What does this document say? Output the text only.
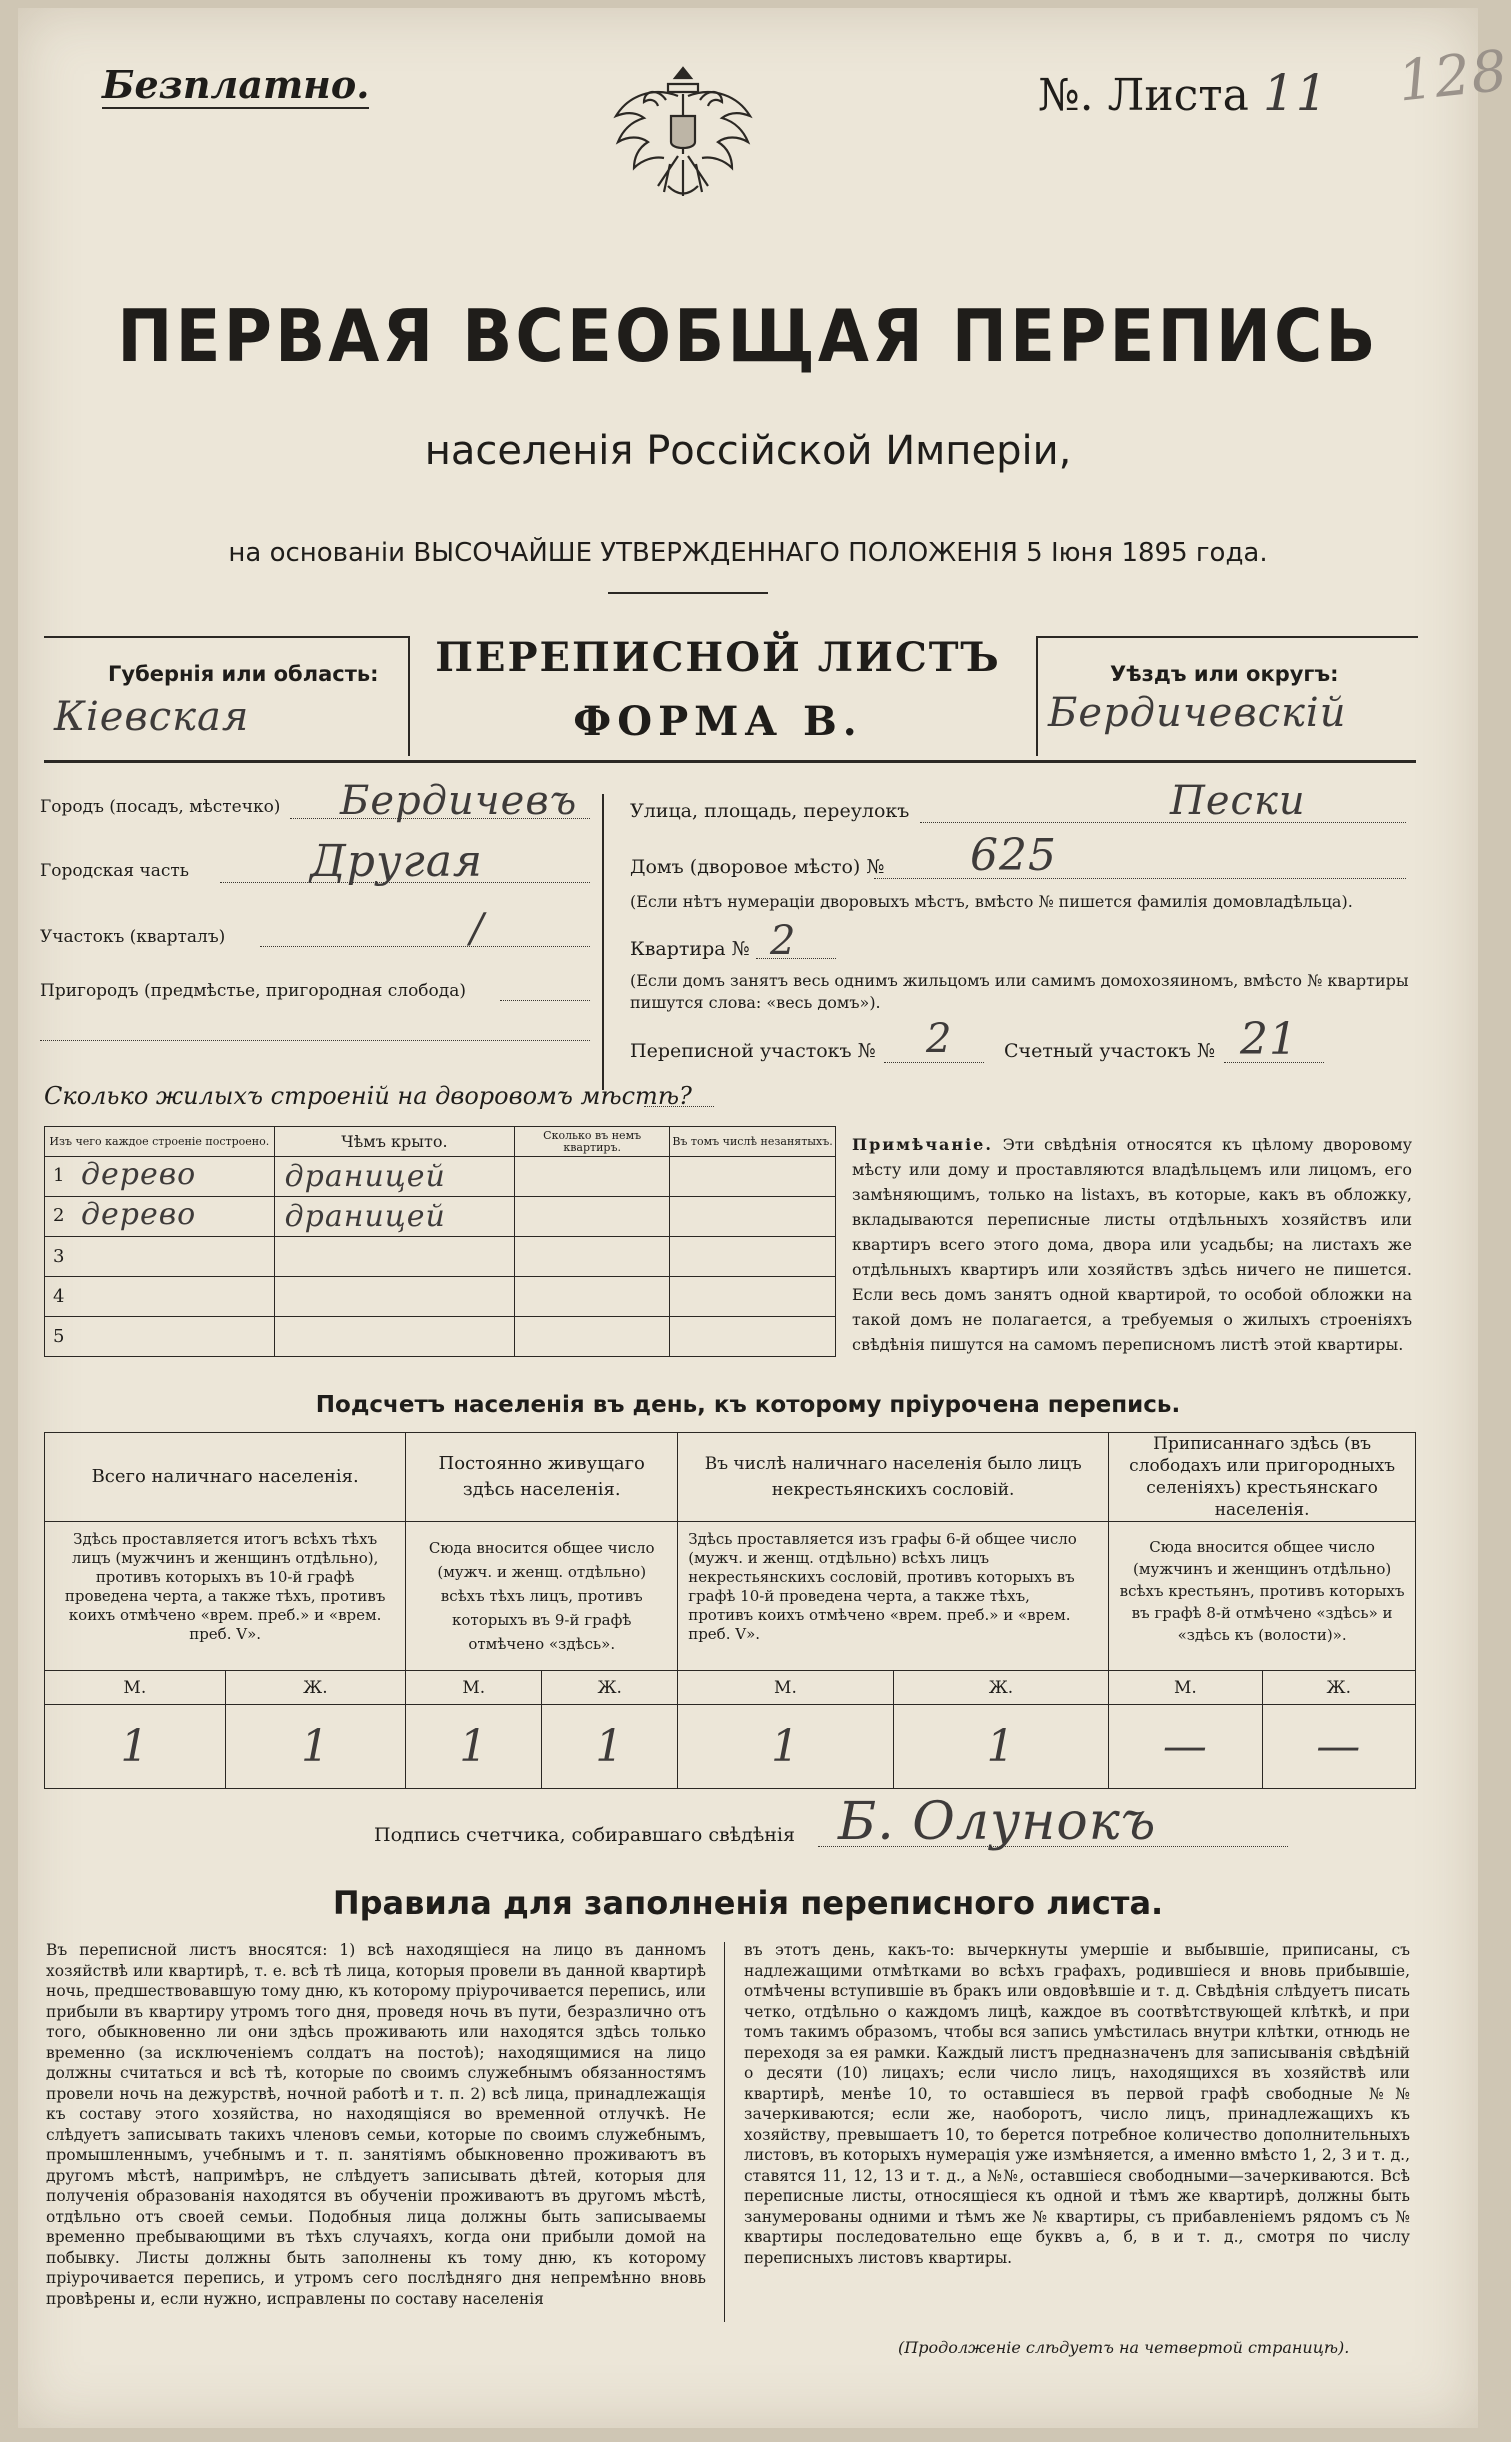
Безплатно.	№. Листа 11 128
ПЕРВАЯ ВСЕОБЩАЯ ПЕРЕПИСЬ
населенія Россійской Имперіи,
на основаніи ВЫСОЧАЙШЕ УТВЕРЖДЕННАГО ПОЛОЖЕНІЯ 5 Іюня 1895 года.
Губернія или область:
Кіевская
ПЕРЕПИСНОЙ ЛИСТЪ
ФОРМА В.
Уѣздъ или округъ:
Бердичевскій
Городъ (посадъ, мѣстечко) Бердичевъ
Городская часть	Другая
Участокъ (кварталъ)	/
Пригородъ (предмѣстье, пригородная слобода)
Улица, площадь, переулокъ	Пески
Домъ (дворовое мѣсто) № 625
(Если нѣтъ нумераціи дворовыхъ мѣстъ, вмѣсто № пишется фамилія домовладѣльца).
Квартира № 2
(Если домъ занятъ весь однимъ жильцомъ или самимъ домохозяиномъ, вмѣсто № квартиры пишутся слова: «весь домъ»).
Переписной участокъ № 2	Счетный участокъ № 21
Сколько жилыхъ строеній на дворовомъ мѣстѣ?
Изъ чего каждое строеніе построено.	Чѣмъ крыто.	Сколько въ немъ квартиръ.	Въ томъ числѣ незанятыхъ.

1 дерево	драницей		

2 дерево	драницей		
3			
4			
5			
Примѣчаніе. Эти свѣдѣнія относятся къ цѣлому дворовому мѣсту или дому и проставляются владѣльцемъ или лицомъ, его замѣняющимъ, только на listахъ, въ которые, какъ въ обложку, вкладываются переписные листы отдѣльныхъ хозяйствъ или квартиръ всего этого дома, двора или усадьбы; на листахъ же отдѣльныхъ квартиръ или хозяйствъ здѣсь ничего не пишется. Если весь домъ занятъ одной квартирой, то особой обложки на такой домъ не полагается, а требуемыя о жилыхъ строеніяхъ свѣдѣнія пишутся на самомъ переписномъ листѣ этой квартиры.
Подсчетъ населенія въ день, къ которому пріурочена перепись.
Всего наличнаго населенія.		Постоянно живущаго здѣсь населенія.		Въ числѣ наличнаго населенія было лицъ некрестьянскихъ сословій.		Приписаннаго здѣсь (въ слободахъ или пригородныхъ селеніяхъ) крестьянскаго населенія.	

Здѣсь проставляется итогъ всѣхъ тѣхъ лицъ (мужчинъ и женщинъ отдѣльно), противъ которыхъ въ 10-й графѣ проведена черта, а также тѣхъ, противъ коихъ отмѣчено «врем. преб.» и «врем. преб. V».		Сюда вносится общее число (мужч. и женщ. отдѣльно) всѣхъ тѣхъ лицъ, противъ которыхъ въ 9-й графѣ отмѣчено «здѣсь».		Здѣсь проставляется изъ графы 6-й общее число (мужч. и женщ. отдѣльно) всѣхъ лицъ некрестьянскихъ сословій, противъ которыхъ въ графѣ 10-й проведена черта, а также тѣхъ, противъ коихъ отмѣчено «врем. преб.» и «врем. преб. V».		Сюда вносится общее число (мужчинъ и женщинъ отдѣльно) всѣхъ крестьянъ, противъ которыхъ въ графѣ 8-й отмѣчено «здѣсь» и «здѣсь къ (волости)».	

М.	Ж.	М.	Ж.	М.	Ж.	М.	Ж.
1	1	1	1	1	1	—	—
Подпись счетчика, собиравшаго свѣдѣнія Б. Олунокъ
Правила для заполненія переписного листа.
Въ переписной листъ вносятся: 1) всѣ находящіеся на лицо въ данномъ хозяйствѣ или квартирѣ, т. е. всѣ тѣ лица, которыя провели въ данной квартирѣ ночь, предшествовавшую тому дню, къ которому пріурочивается перепись, или прибыли въ квартиру утромъ того дня, проведя ночь въ пути, безразлично отъ того, обыкновенно ли они здѣсь проживають или находятся здѣсь только временно (за исключеніемъ солдатъ на постоѣ); находящимися на лицо должны считаться и всѣ тѣ, которые по своимъ служебнымъ обязанностямъ провели ночь на дежурствѣ, ночной работѣ и т. п. 2) всѣ лица, принадлежащія къ составу этого хозяйства, но находящіяся во временной отлучкѣ. Не слѣдуетъ записывать такихъ членовъ семьи, которые по своимъ служебнымъ, промышленнымъ, учебнымъ и т. п. занятіямъ обыкновенно проживаютъ въ другомъ мѣстѣ, напримѣръ, не слѣдуетъ записывать дѣтей, которыя для полученія образованія находятся въ обученіи проживаютъ въ другомъ мѣстѣ, отдѣльно отъ своей семьи. Подобныя лица должны быть записываемы временно пребывающими въ тѣхъ случаяхъ, когда они прибыли домой на побывку. Листы должны быть заполнены къ тому дню, къ которому пріурочивается перепись, и утромъ сего послѣдняго дня непремѣнно вновь провѣрены и, если нужно, исправлены по составу населенія
въ этотъ день, какъ-то: вычеркнуты умершіе и выбывшіе, приписаны, съ надлежащими отмѣтками во всѣхъ графахъ, родившіеся и вновь прибывшіе, отмѣчены вступившіе въ бракъ или овдовѣвшіе и т. д. Свѣдѣнія слѣдуетъ писать четко, отдѣльно о каждомъ лицѣ, каждое въ соотвѣтствующей клѣткѣ, и при томъ такимъ образомъ, чтобы вся запись умѣстилась внутри клѣтки, отнюдь не переходя за ея рамки. Каждый листъ предназначенъ для записыванія свѣдѣній о десяти (10) лицахъ; если число лицъ, находящихся въ хозяйствѣ или квартирѣ, менѣе 10, то оставшіеся въ первой графѣ свободные №№ зачеркиваются; если же, наоборотъ, число лицъ, принадлежащихъ къ хозяйству, превышаетъ 10, то берется потребное количество дополнительныхъ листовъ, въ которыхъ нумерація уже измѣняется, а именно вмѣсто 1, 2, 3 и т. д., ставятся 11, 12, 13 и т. д., а №№, оставшіеся свободными—зачеркиваются. Всѣ переписные листы, относящіеся къ одной и тѣмъ же квартирѣ, должны быть занумерованы одними и тѣмъ же № квартиры, съ прибавленіемъ рядомъ съ № квартиры последовательно еще буквъ а, б, в и т. д., смотря по числу переписныхъ листовъ квартиры.
(Продолженіе слѣдуетъ на четвертой страницѣ).
